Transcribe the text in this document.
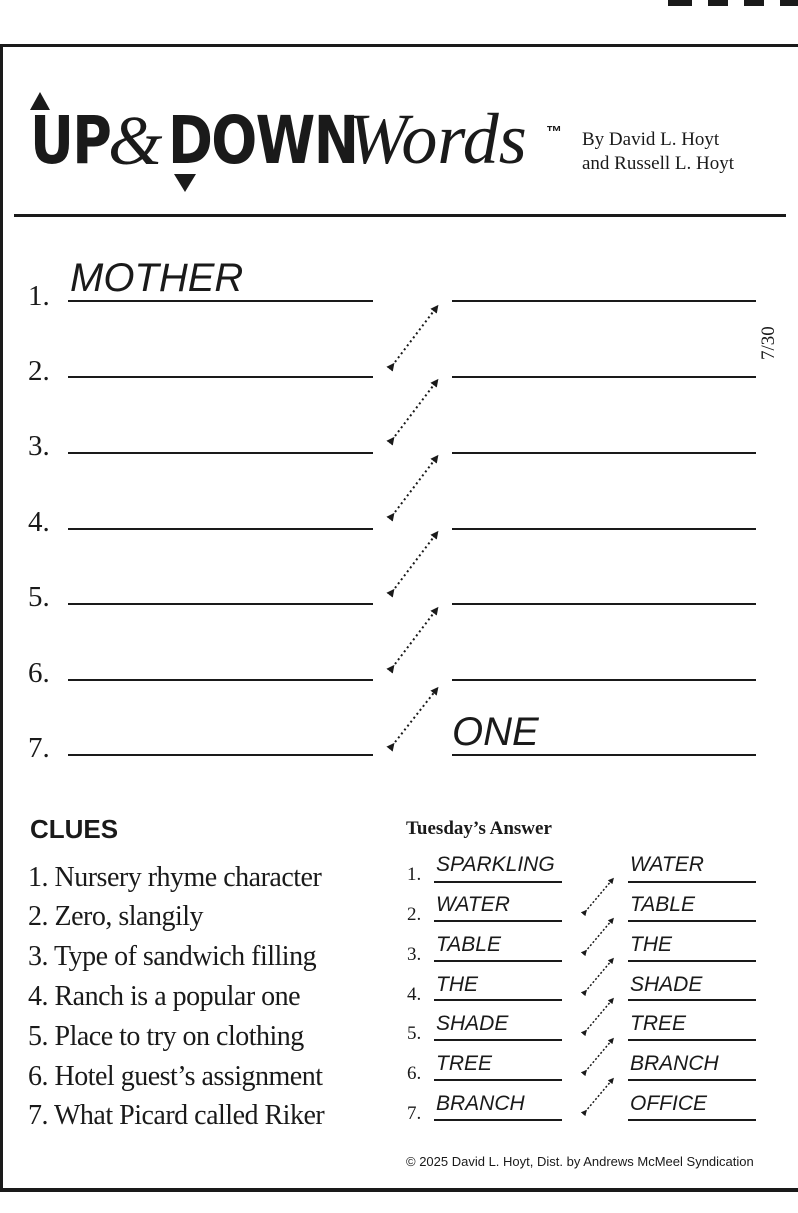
UP
& DOWN
Words ™ By David L. Hoyt
and Russell L. Hoyt
7/30
1. MOTHER
2.
3.
4.
5.
6.
7.	ONE
CLUES
1. Nursery rhyme character
2. Zero, slangily
3. Type of sandwich filling
4. Ranch is a popular one
5. Place to try on clothing
6. Hotel guest’s assignment
7. What Picard called Riker
Tuesday’s Answer
1. SPARKLING	WATER
2. WATER	TABLE
3. TABLE	THE
4. THE	SHADE
5. SHADE	TREE
6. TREE	BRANCH
7. BRANCH	OFFICE
© 2025 David L. Hoyt, Dist. by Andrews McMeel Syndication
